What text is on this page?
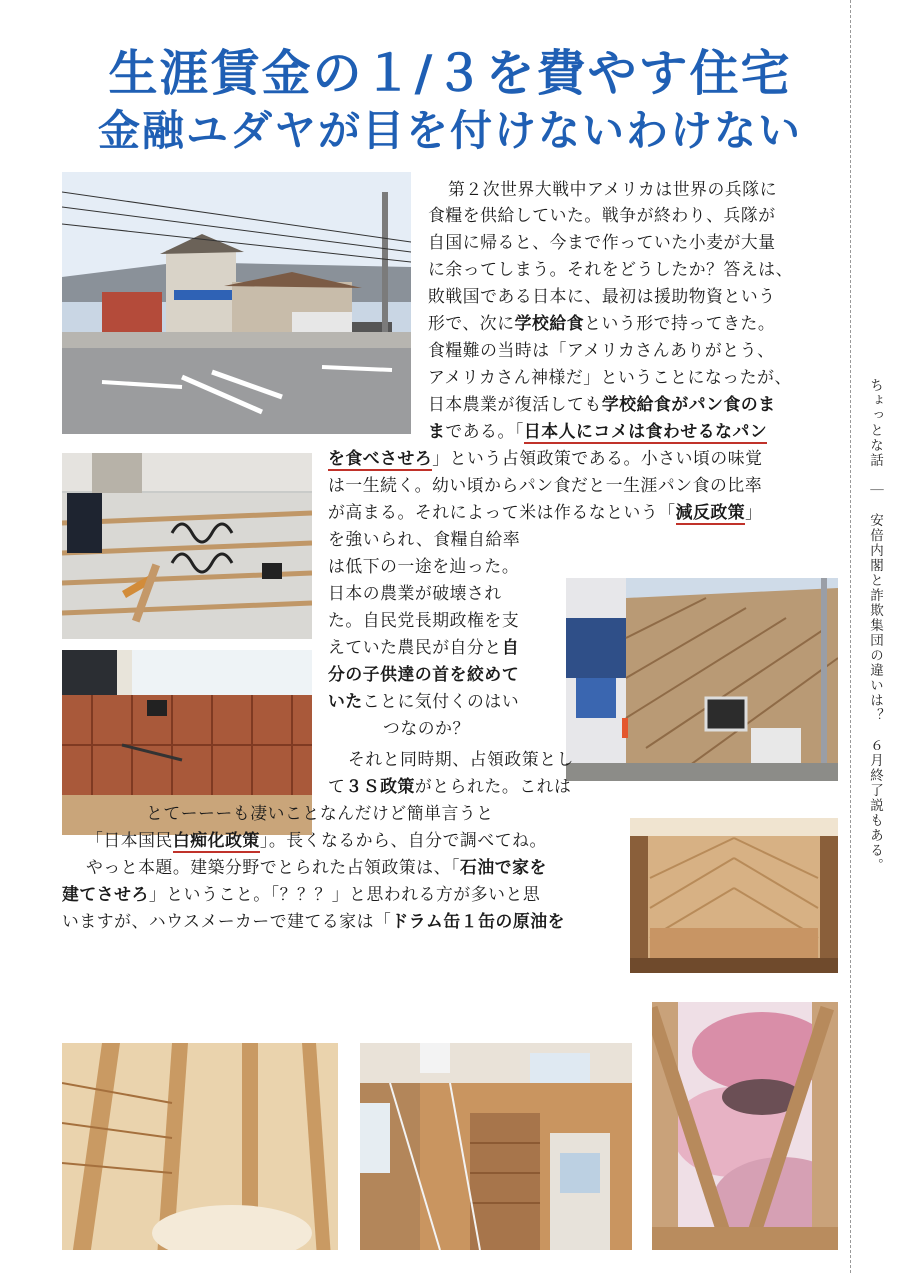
生涯賃金の１/３を費やす住宅
金融ユダヤが目を付けないわけない
ちょっとな話　｜　安倍内閣と詐欺集団の違いは？　６月終了説もある。
第２次世界大戦中アメリカは世界の兵隊に
食糧を供給していた。戦争が終わり、兵隊が
自国に帰ると、今まで作っていた小麦が大量
に余ってしまう。それをどうしたか？答えは、
敗戦国である日本に、最初は援助物資という
形で、次に学校給食という形で持ってきた。
食糧難の当時は「アメリカさんありがとう、
アメリカさん神様だ」ということになったが、
日本農業が復活しても学校給食がパン食のま
まである。「日本人にコメは食わせるなパン
を食べさせろ」という占領政策である。小さい頃の味覚
は一生続く。幼い頃からパン食だと一生涯パン食の比率
が高まる。それによって米は作るなという「減反政策」
を強いられ、食糧自給率
は低下の一途を辿った。
日本の農業が破壊され
た。自民党長期政権を支
えていた農民が自分と自
分の子供達の首を絞めて
いたことに気付くのはい
つなのか？
それと同時期、占領政策とし
て３Ｓ政策がとられた。これは
とてーーーも凄いことなんだけど簡単言うと
「日本国民白痴化政策」。長くなるから、自分で調べてね。
やっと本題。建築分野でとられた占領政策は、「石油で家を
建てさせろ」ということ。「？？？」と思われる方が多いと思
いますが、ハウスメーカーで建てる家は「ドラム缶１缶の原油を
